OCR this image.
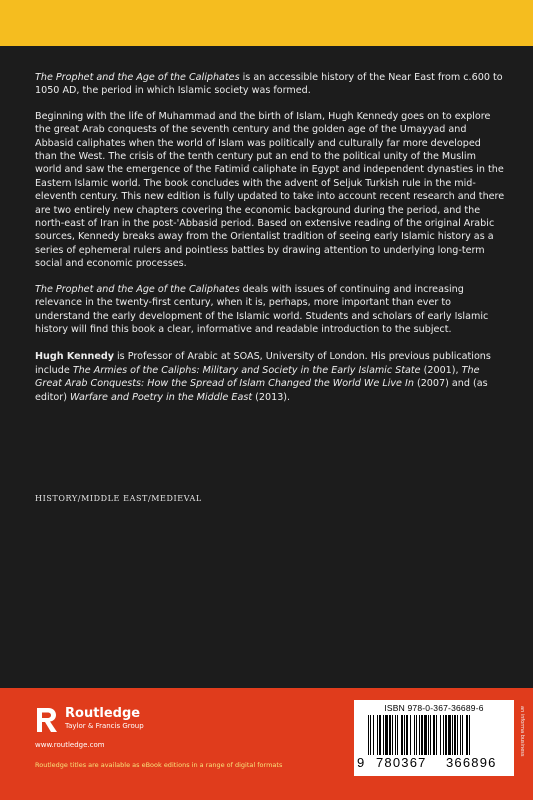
The Prophet and the Age of the Caliphates is an accessible history of the Near East from c.600 to 1050 AD, the period in which Islamic society was formed.

Beginning with the life of Muhammad and the birth of Islam, Hugh Kennedy goes on to explore the great Arab conquests of the seventh century and the golden age of the Umayyad and Abbasid caliphates when the world of Islam was politically and culturally far more developed than the West. The crisis of the tenth century put an end to the political unity of the Muslim world and saw the emergence of the Fatimid caliphate in Egypt and independent dynasties in the Eastern Islamic world. The book concludes with the advent of Seljuk Turkish rule in the mid-eleventh century. This new edition is fully updated to take into account recent research and there are two entirely new chapters covering the economic background during the period, and the north-east of Iran in the post-'Abbasid period. Based on extensive reading of the original Arabic sources, Kennedy breaks away from the Orientalist tradition of seeing early Islamic history as a series of ephemeral rulers and pointless battles by drawing attention to underlying long-term social and economic processes.

The Prophet and the Age of the Caliphates deals with issues of continuing and increasing relevance in the twenty-first century, when it is, perhaps, more important than ever to understand the early development of the Islamic world. Students and scholars of early Islamic history will find this book a clear, informative and readable introduction to the subject.

Hugh Kennedy is Professor of Arabic at SOAS, University of London. His previous publications include The Armies of the Caliphs: Military and Society in the Early Islamic State (2001), The Great Arab Conquests: How the Spread of Islam Changed the World We Live In (2007) and (as editor) Warfare and Poetry in the Middle East (2013).

HISTORY/MIDDLE EAST/MEDIEVAL
Routledge
Taylor & Francis Group
www.routledge.com
Routledge titles are available as eBook editions in a range of digital formats
ISBN 978-0-367-36689-6
9 780367 366896
an informa business
